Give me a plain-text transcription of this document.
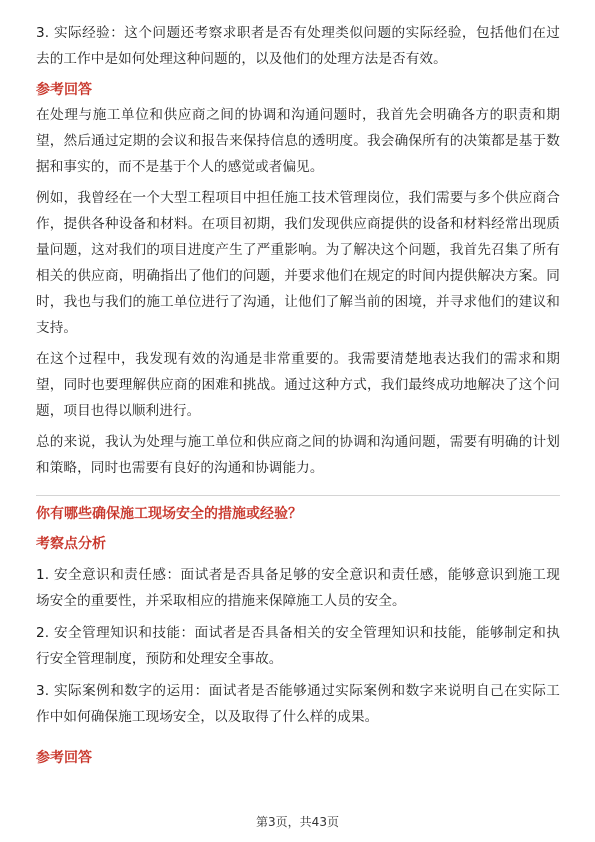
3. 实际经验：这个问题还考察求职者是否有处理类似问题的实际经验，包括他们在过去的工作中是如何处理这种问题的，以及他们的处理方法是否有效。

参考回答

在处理与施工单位和供应商之间的协调和沟通问题时，我首先会明确各方的职责和期望，然后通过定期的会议和报告来保持信息的透明度。我会确保所有的决策都是基于数据和事实的，而不是基于个人的感觉或者偏见。

例如，我曾经在一个大型工程项目中担任施工技术管理岗位，我们需要与多个供应商合作，提供各种设备和材料。在项目初期，我们发现供应商提供的设备和材料经常出现质量问题，这对我们的项目进度产生了严重影响。为了解决这个问题，我首先召集了所有相关的供应商，明确指出了他们的问题，并要求他们在规定的时间内提供解决方案。同时，我也与我们的施工单位进行了沟通，让他们了解当前的困境，并寻求他们的建议和支持。

在这个过程中，我发现有效的沟通是非常重要的。我需要清楚地表达我们的需求和期望，同时也要理解供应商的困难和挑战。通过这种方式，我们最终成功地解决了这个问题，项目也得以顺利进行。

总的来说，我认为处理与施工单位和供应商之间的协调和沟通问题，需要有明确的计划和策略，同时也需要有良好的沟通和协调能力。

你有哪些确保施工现场安全的措施或经验？
考察点分析

1. 安全意识和责任感：面试者是否具备足够的安全意识和责任感，能够意识到施工现场安全的重要性，并采取相应的措施来保障施工人员的安全。

2. 安全管理知识和技能：面试者是否具备相关的安全管理知识和技能，能够制定和执行安全管理制度，预防和处理安全事故。

3. 实际案例和数字的运用：面试者是否能够通过实际案例和数字来说明自己在实际工作中如何确保施工现场安全，以及取得了什么样的成果。

参考回答
第3页，共43页
